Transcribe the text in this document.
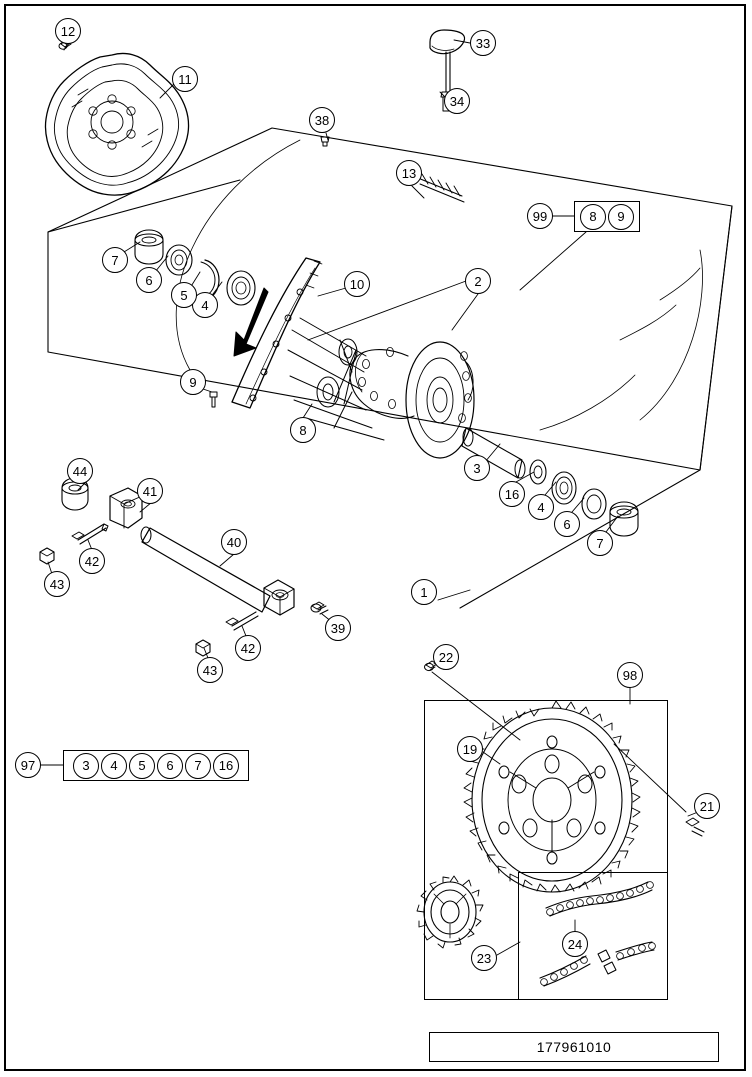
1
2
3
4
4
5
6
6
7
7
8
9
10
11
12
13
16
19
21
22
23
24
33
34
38
39
40
41
42
42
43
43
44
98
99	8 9
97	3 4 5 6 7 16
177961010
